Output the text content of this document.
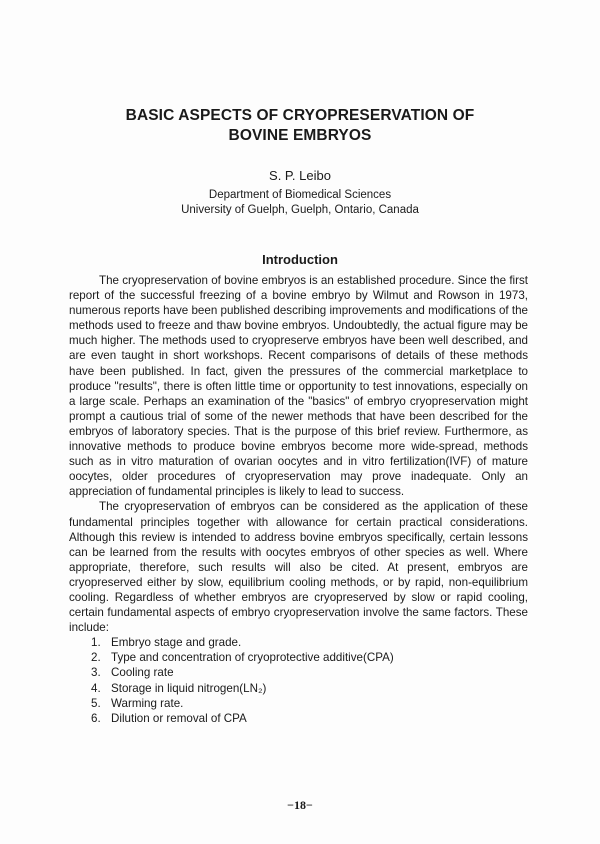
BASIC ASPECTS OF CRYOPRESERVATION OF
BOVINE EMBRYOS
S. P. Leibo
Department of Biomedical Sciences
University of Guelph, Guelph, Ontario, Canada
Introduction

The cryopreservation of bovine embryos is an established procedure. Since the first report of the successful freezing of a bovine embryo by Wilmut and Rowson in 1973, numerous reports have been published describing improvements and modifications of the methods used to freeze and thaw bovine embryos. Undoubtedly, the actual figure may be much higher. The methods used to cryopreserve embryos have been well described, and are even taught in short workshops. Recent comparisons of details of these methods have been published. In fact, given the pressures of the commercial marketplace to produce "results", there is often little time or opportunity to test innovations, especially on a large scale. Perhaps an examination of the "basics" of embryo cryopreservation might prompt a cautious trial of some of the newer methods that have been described for the embryos of laboratory species. That is the purpose of this brief review. Furthermore, as innovative methods to produce bovine embryos become more wide-spread, methods such as in vitro maturation of ovarian oocytes and in vitro fertilization(IVF) of mature oocytes, older procedures of cryopreservation may prove inadequate. Only an appreciation of fundamental principles is likely to lead to success.

The cryopreservation of embryos can be considered as the application of these fundamental principles together with allowance for certain practical considerations. Although this review is intended to address bovine embryos specifically, certain lessons can be learned from the results with oocytes embryos of other species as well. Where appropriate, therefore, such results will also be cited. At present, embryos are cryopreserved either by slow, equilibrium cooling methods, or by rapid, non-equilibrium cooling. Regardless of whether embryos are cryopreserved by slow or rapid cooling, certain fundamental aspects of embryo cryopreservation involve the same factors. These include:

1. Embryo stage and grade.
2. Type and concentration of cryoprotective additive(CPA)
3. Cooling rate
4. Storage in liquid nitrogen(LN₂)
5. Warming rate.
6. Dilution or removal of CPA
−18−
